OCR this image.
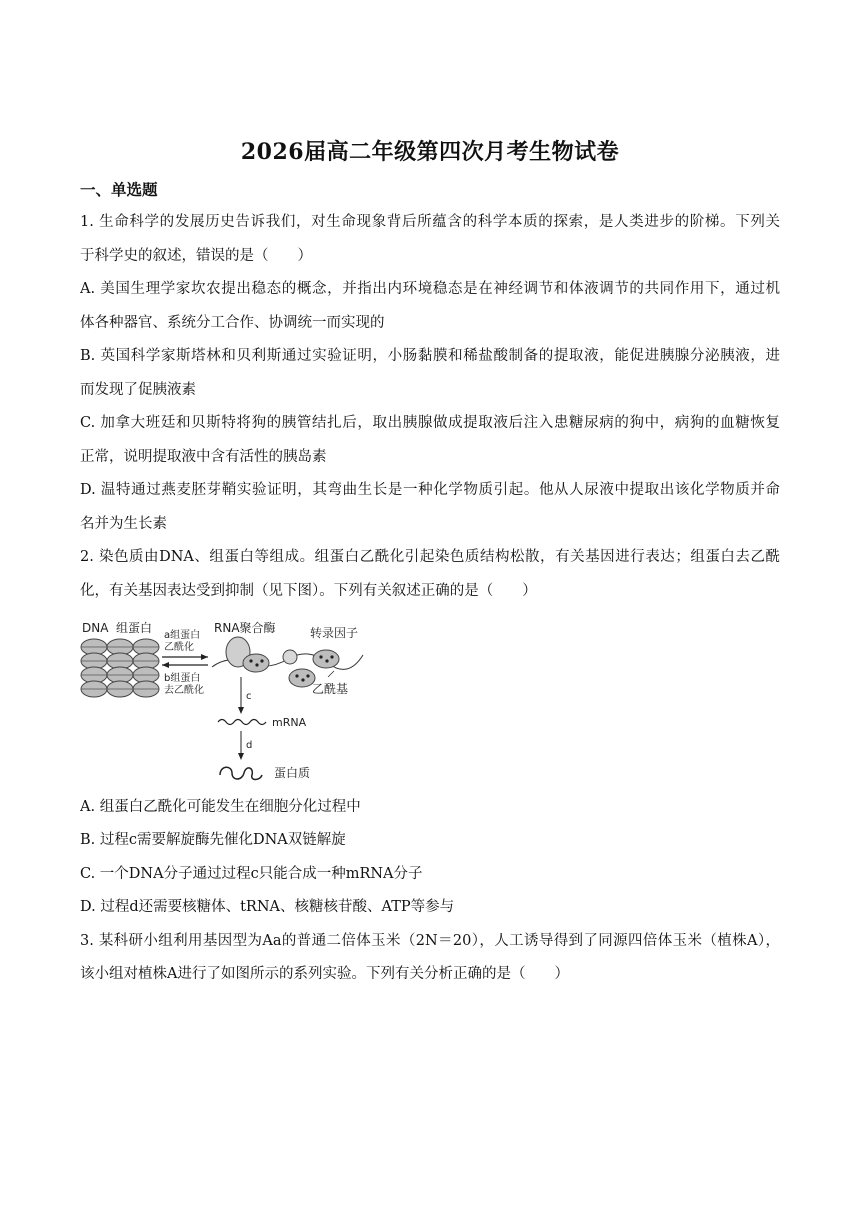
2026届高二年级第四次月考生物试卷
一、单选题
1. 生命科学的发展历史告诉我们，对生命现象背后所蕴含的科学本质的探索，是人类进步的阶梯。下列关
于科学史的叙述，错误的是（　　）
A. 美国生理学家坎农提出稳态的概念，并指出内环境稳态是在神经调节和体液调节的共同作用下，通过机
体各种器官、系统分工合作、协调统一而实现的
B. 英国科学家斯塔林和贝利斯通过实验证明，小肠黏膜和稀盐酸制备的提取液，能促进胰腺分泌胰液，进
而发现了促胰液素
C. 加拿大班廷和贝斯特将狗的胰管结扎后，取出胰腺做成提取液后注入患糖尿病的狗中，病狗的血糖恢复
正常，说明提取液中含有活性的胰岛素
D. 温特通过燕麦胚芽鞘实验证明，其弯曲生长是一种化学物质引起。他从人尿液中提取出该化学物质并命
名并为生长素
2. 染色质由DNA、组蛋白等组成。组蛋白乙酰化引起染色质结构松散，有关基因进行表达；组蛋白去乙酰
化，有关基因表达受到抑制（见下图）。下列有关叙述正确的是（　　）
DNA 组蛋白
a组蛋白
乙酰化
b组蛋白
去乙酰化
RNA聚合酶	转录因子
乙酰基
c
mRNA
d
蛋白质
A. 组蛋白乙酰化可能发生在细胞分化过程中
B. 过程c需要解旋酶先催化DNA双链解旋
C. 一个DNA分子通过过程c只能合成一种mRNA分子
D. 过程d还需要核糖体、tRNA、核糖核苷酸、ATP等参与
3. 某科研小组利用基因型为Aa的普通二倍体玉米（2N＝20），人工诱导得到了同源四倍体玉米（植株A），
该小组对植株A进行了如图所示的系列实验。下列有关分析正确的是（　　）
